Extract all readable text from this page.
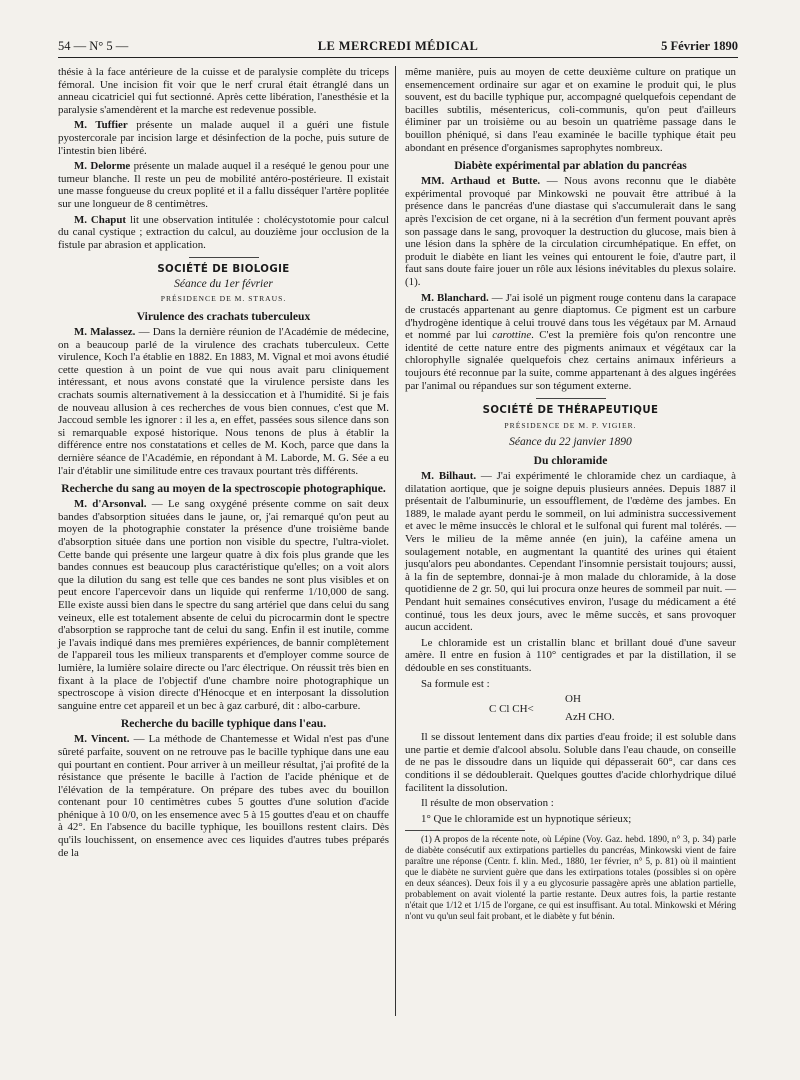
54 — N° 5 —	LE MERCREDI MÉDICAL	5 Février 1890

thésie à la face antérieure de la cuisse et de paralysie complète du triceps fémoral. Une incision fit voir que le nerf crural était étranglé dans un anneau cicatriciel qui fut sectionné. Après cette libération, l'anesthésie et la paralysie s'amendèrent et la marche est redevenue possible.

M. Tuffier présente un malade auquel il a guéri une fistule pyostercorale par incision large et désinfection de la poche, puis suture de l'intestin bien libéré.

M. Delorme présente un malade auquel il a reséqué le genou pour une tumeur blanche. Il reste un peu de mobilité antéro-postérieure. Il existait une masse fongueuse du creux poplité et il a fallu disséquer l'artère poplitée sur une longueur de 8 centimètres.

M. Chaput lit une observation intitulée : cholécystotomie pour calcul du canal cystique ; extraction du calcul, au douzième jour occlusion de la fistule par abrasion et application.

SOCIÉTÉ DE BIOLOGIE
Séance du 1er février
PRÉSIDENCE DE M. STRAUS.
Virulence des crachats tuberculeux

M. Malassez. — Dans la dernière réunion de l'Académie de médecine, on a beaucoup parlé de la virulence des crachats tuberculeux. Cette virulence, Koch l'a établie en 1882. En 1883, M. Vignal et moi avons étudié cette question à un point de vue qui nous avait paru cliniquement intéressant, et nous avons constaté que la virulence persiste dans les crachats soumis alternativement à la dessiccation et à l'humidité. Si je fais de nouveau allusion à ces recherches de vous bien connues, c'est que M. Jaccoud semble les ignorer : il les a, en effet, passées sous silence dans son si remarquable exposé historique. Nous tenons de plus à établir la différence entre nos constatations et celles de M. Koch, parce que dans la dernière séance de l'Académie, en répondant à M. Laborde, M. G. Sée a eu l'air d'établir une similitude entre ces travaux pourtant très différents.

Recherche du sang au moyen de la spectroscopie photographique.

M. d'Arsonval. — Le sang oxygéné présente comme on sait deux bandes d'absorption situées dans le jaune, or, j'ai remarqué qu'on peut au moyen de la photographie constater la présence d'une troisième bande d'absorption située dans une portion non visible du spectre, l'ultra-violet. Cette bande qui présente une largeur quatre à dix fois plus grande que les bandes connues est beaucoup plus caractéristique qu'elles; on a voit alors que la dilution du sang est telle que ces bandes ne sont plus visibles et on peut encore l'apercevoir dans un liquide qui renferme 1/10,000 de sang. Elle existe aussi bien dans le spectre du sang artériel que dans celui du sang veineux, elle est totalement absente de celui du picrocarmin dont le spectre d'absorption se rapproche tant de celui du sang. Enfin il est inutile, comme je l'avais indiqué dans mes premières expériences, de bannir complètement de l'appareil tous les milieux transparents et d'employer comme source de lumière, la lumière solaire directe ou l'arc électrique. On réussit très bien en fixant à la place de l'objectif d'une chambre noire photographique un spectroscope à vision directe d'Hénocque et en interposant la dissolution sanguine entre cet appareil et un bec à gaz carburé, dit : albo-carbure.

Recherche du bacille typhique dans l'eau.

M. Vincent. — La méthode de Chantemesse et Widal n'est pas d'une sûreté parfaite, souvent on ne retrouve pas le bacille typhique dans une eau qui pourtant en contient. Pour arriver à un meilleur résultat, j'ai profité de la résistance que présente le bacille à l'action de l'acide phénique et de l'élévation de la température. On prépare des tubes avec du bouillon contenant pour 10 centimètres cubes 5 gouttes d'une solution d'acide phénique à 10 0/0, on les ensemence avec 5 à 15 gouttes d'eau et on chauffe à 42°. En l'absence du bacille typhique, les bouillons restent clairs. Dès qu'ils louchissent, on ensemence avec ces liquides d'autres tubes préparés de la

même manière, puis au moyen de cette deuxième culture on pratique un ensemencement ordinaire sur agar et on examine le produit qui, le plus souvent, est du bacille typhique pur, accompagné quelquefois cependant de bacilles subtilis, mésentericus, coli-communis, qu'on peut d'ailleurs éliminer par un troisième ou au besoin un quatrième passage dans le bouillon phéniqué, si dans l'eau examinée le bacille typhique était peu abondant en présence d'organismes saprophytes nombreux.

Diabète expérimental par ablation du pancréas

MM. Arthaud et Butte. — Nous avons reconnu que le diabète expérimental provoqué par Minkowski ne pouvait être attribué à la présence dans le pancréas d'une diastase qui s'accumulerait dans le sang après l'excision de cet organe, ni à la secrétion d'un ferment pouvant après son passage dans le sang, provoquer la destruction du glucose, mais bien à une lésion dans la sphère de la circulation circumhépatique. En effet, on produit le diabète en liant les veines qui entourent le foie, d'autre part, il faut sans doute faire jouer un rôle aux lésions inévitables du plexus solaire. (1).

M. Blanchard. — J'ai isolé un pigment rouge contenu dans la carapace de crustacés appartenant au genre diaptomus. Ce pigment est un carbure d'hydrogène identique à celui trouvé dans tous les végétaux par M. Arnaud et nommé par lui carottine. C'est la première fois qu'on rencontre une identité de cette nature entre des pigments animaux et végétaux car la chlorophylle signalée quelquefois chez certains animaux inférieurs a toujours été reconnue par la suite, comme appartenant à des algues ingérées par l'animal ou répandues sur son tégument externe.

SOCIÉTÉ DE THÉRAPEUTIQUE
PRÉSIDENCE DE M. P. VIGIER.
Séance du 22 janvier 1890
Du chloramide

M. Bilhaut. — J'ai expérimenté le chloramide chez un cardiaque, à dilatation aortique, que je soigne depuis plusieurs années. Depuis 1887 il présentait de l'albuminurie, un essoufflement, de l'œdème des jambes. En 1889, le malade ayant perdu le sommeil, on lui administra successivement et avec le même insuccès le chloral et le sulfonal qui furent mal tolérés. — Vers le milieu de la même année (en juin), la caféine amena un soulagement notable, en augmentant la quantité des urines qui étaient jusqu'alors peu abondantes. Cependant l'insomnie persistait toujours; aussi, à la fin de septembre, donnai-je à mon malade du chloramide, à la dose quotidienne de 2 gr. 50, qui lui procura onze heures de sommeil par nuit. — Pendant huit semaines consécutives environ, l'usage du médicament a été continué, tous les deux jours, avec le même succès, et sans provoquer aucun accident.

Le chloramide est un cristallin blanc et brillant doué d'une saveur amère. Il entre en fusion à 110° centigrades et par la distillation, il se dédouble en ses constituants.

Sa formule est :

C Cl CH<
OH
AzH CHO.

Il se dissout lentement dans dix parties d'eau froide; il est soluble dans une partie et demie d'alcool absolu. Soluble dans l'eau chaude, on conseille de ne pas le dissoudre dans un liquide qui dépasserait 60°, car dans ces conditions il se dédoublerait. Quelques gouttes d'acide chlorhydrique dilué facilitent la dissolution.

Il résulte de mon observation :

1° Que le chloramide est un hypnotique sérieux;

(1) A propos de la récente note, où Lépine (Voy. Gaz. hebd. 1890, n° 3, p. 34) parle de diabète consécutif aux extirpations partielles du pancréas, Minkowski vient de faire paraître une réponse (Centr. f. klin. Med., 1880, 1er février, n° 5, p. 81) où il maintient que le diabète ne survient guère que dans les extirpations totales (possibles si on opère en deux séances). Deux fois il y a eu glycosurie passagère après une ablation partielle, probablement on avait violenté la partie restante. Deux autres fois, la partie restante n'était que 1/12 et 1/15 de l'organe, ce qui est insuffisant. Au total. Minkowski et Méring n'ont vu qu'un seul fait probant, et le diabète y fut bénin.
